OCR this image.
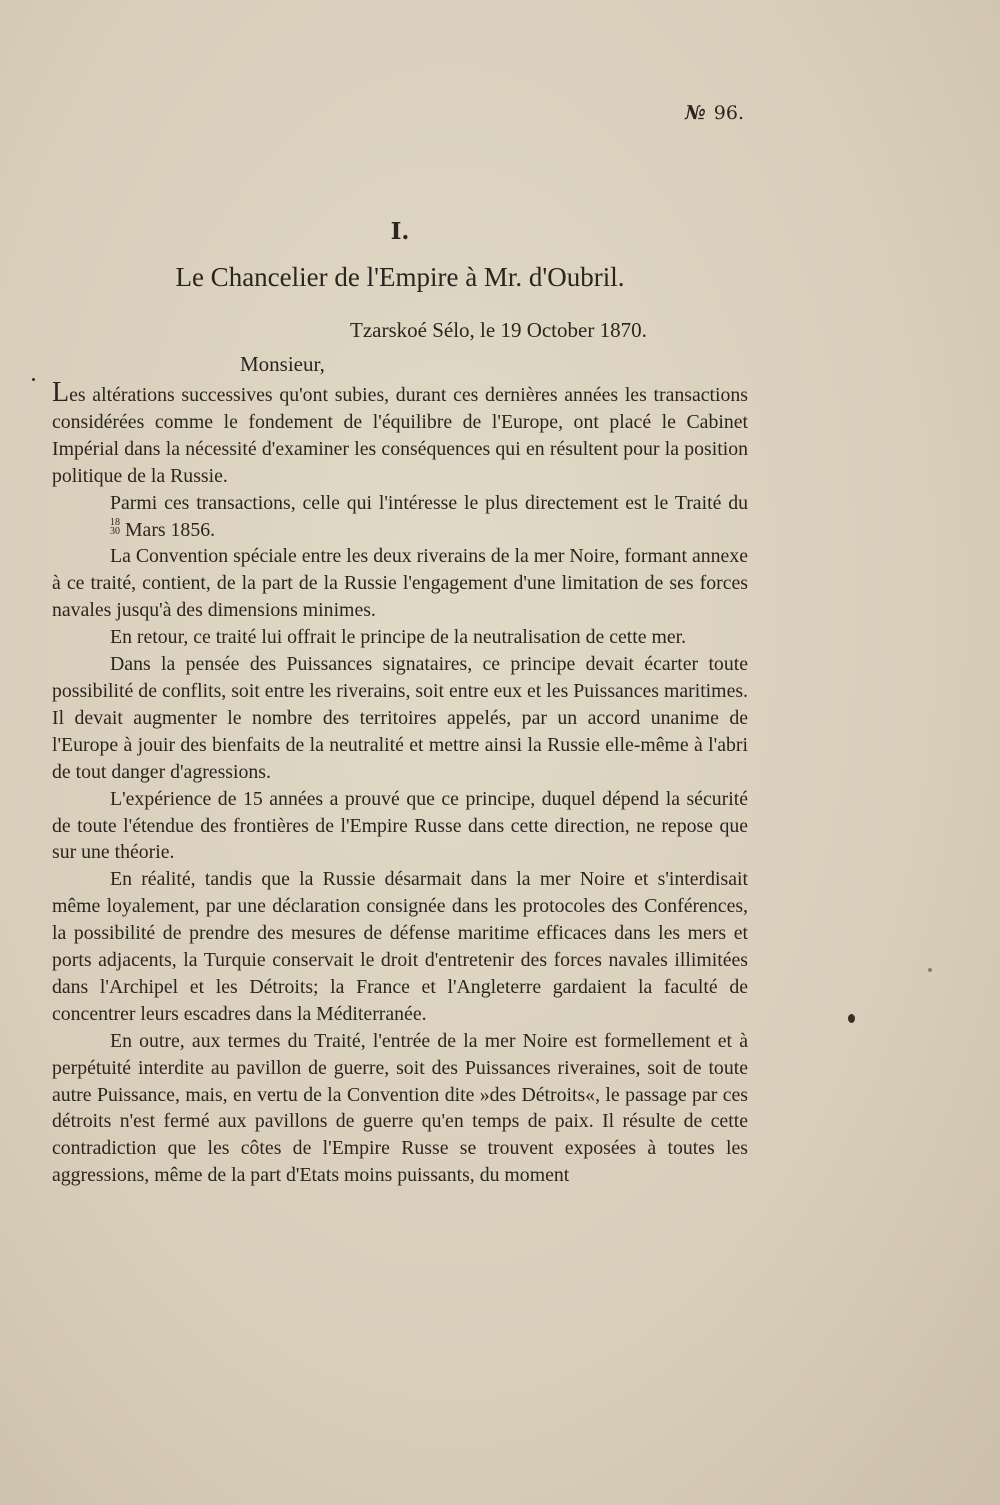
№ 96.
I.
Le Chancelier de l'Empire à Mr. d'Oubril.
Tzarskoé Sélo, le 19 October 1870.
Monsieur,

Les altérations successives qu'ont subies, durant ces dernières années les transactions considérées comme le fondement de l'équilibre de l'Europe, ont placé le Cabinet Impérial dans la nécessité d'examiner les conséquences qui en résultent pour la position politique de la Russie.

Parmi ces transactions, celle qui l'intéresse le plus directement est le Traité du
18
30 Mars 1856.

La Convention spéciale entre les deux riverains de la mer Noire, formant annexe à ce traité, contient, de la part de la Russie l'engagement d'une limitation de ses forces navales jusqu'à des dimensions minimes.

En retour, ce traité lui offrait le principe de la neutralisation de cette mer.

Dans la pensée des Puissances signataires, ce principe devait écarter toute possibilité de conflits, soit entre les riverains, soit entre eux et les Puissances maritimes. Il devait augmenter le nombre des territoires appelés, par un accord unanime de l'Europe à jouir des bienfaits de la neutralité et mettre ainsi la Russie elle-même à l'abri de tout danger d'agressions.

L'expérience de 15 années a prouvé que ce principe, duquel dépend la sécurité de toute l'étendue des frontières de l'Empire Russe dans cette direction, ne repose que sur une théorie.

En réalité, tandis que la Russie désarmait dans la mer Noire et s'interdisait même loyalement, par une déclaration consignée dans les protocoles des Conférences, la possibilité de prendre des mesures de défense maritime efficaces dans les mers et ports adjacents, la Turquie conservait le droit d'entretenir des forces navales illimitées dans l'Archipel et les Détroits; la France et l'Angleterre gardaient la faculté de concentrer leurs escadres dans la Méditerranée.

En outre, aux termes du Traité, l'entrée de la mer Noire est formellement et à perpétuité interdite au pavillon de guerre, soit des Puissances riveraines, soit de toute autre Puissance, mais, en vertu de la Convention dite »des Détroits«, le passage par ces détroits n'est fermé aux pavillons de guerre qu'en temps de paix. Il résulte de cette contradiction que les côtes de l'Empire Russe se trouvent exposées à toutes les aggressions, même de la part d'Etats moins puissants, du moment
